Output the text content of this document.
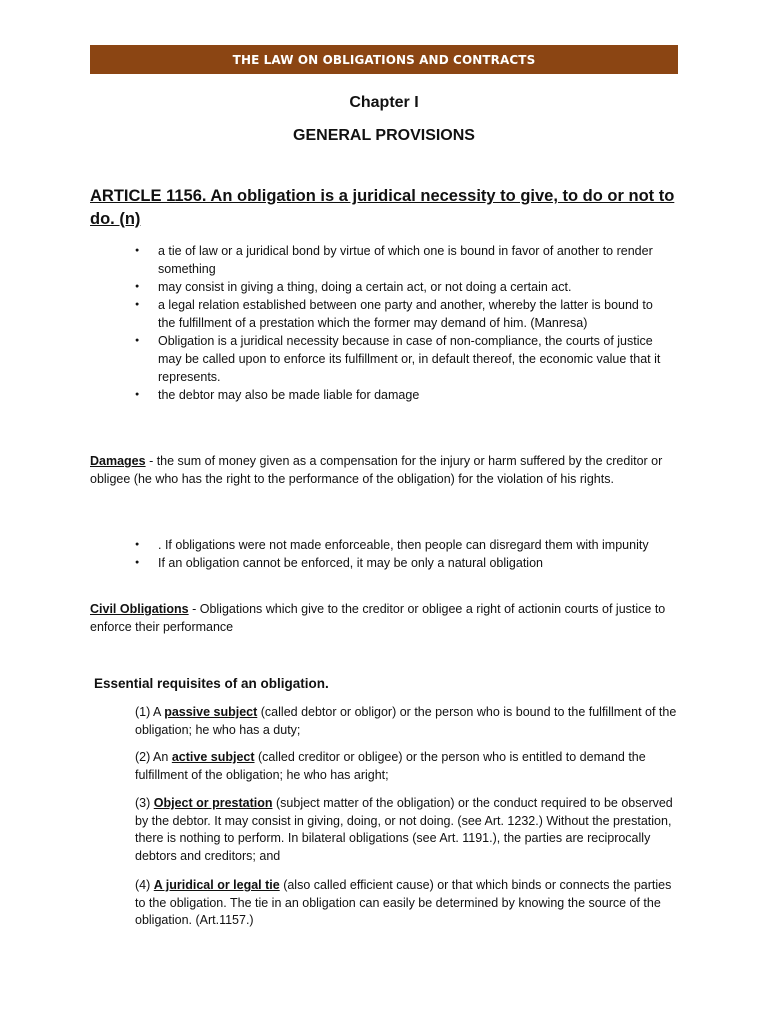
THE LAW ON OBLIGATIONS AND CONTRACTS
Chapter I
GENERAL PROVISIONS
ARTICLE 1156. An obligation is a juridical necessity to give, to do or not to do. (n)
● a tie of law or a juridical bond by virtue of which one is bound in favor of another to render something
● may consist in giving a thing, doing a certain act, or not doing a certain act.
● a legal relation established between one party and another, whereby the latter is bound to the fulfillment of a prestation which the former may demand of him. (Manresa)
● Obligation is a juridical necessity because in case of non-compliance, the courts of justice may be called upon to enforce its fulfillment or, in default thereof, the economic value that it represents.
● the debtor may also be made liable for damage
Damages - the sum of money given as a compensation for the injury or harm suffered by the creditor or obligee (he who has the right to the performance of the obligation) for the violation of his rights.
● . If obligations were not made enforceable, then people can disregard them with impunity
● If an obligation cannot be enforced, it may be only a natural obligation
Civil Obligations - Obligations which give to the creditor or obligee a right of actionin courts of justice to enforce their performance
Essential requisites of an obligation.
(1) A passive subject (called debtor or obligor) or the person who is bound to the fulfillment of the obligation; he who has a duty;
(2) An active subject (called creditor or obligee) or the person who is entitled to demand the fulfillment of the obligation; he who has aright;
(3) Object or prestation (subject matter of the obligation) or the conduct required to be observed by the debtor. It may consist in giving, doing, or not doing. (see Art. 1232.) Without the prestation, there is nothing to perform. In bilateral obligations (see Art. 1191.), the parties are reciprocally debtors and creditors; and
(4) A juridical or legal tie (also called efficient cause) or that which binds or connects the parties to the obligation. The tie in an obligation can easily be determined by knowing the source of the obligation. (Art.1157.)
